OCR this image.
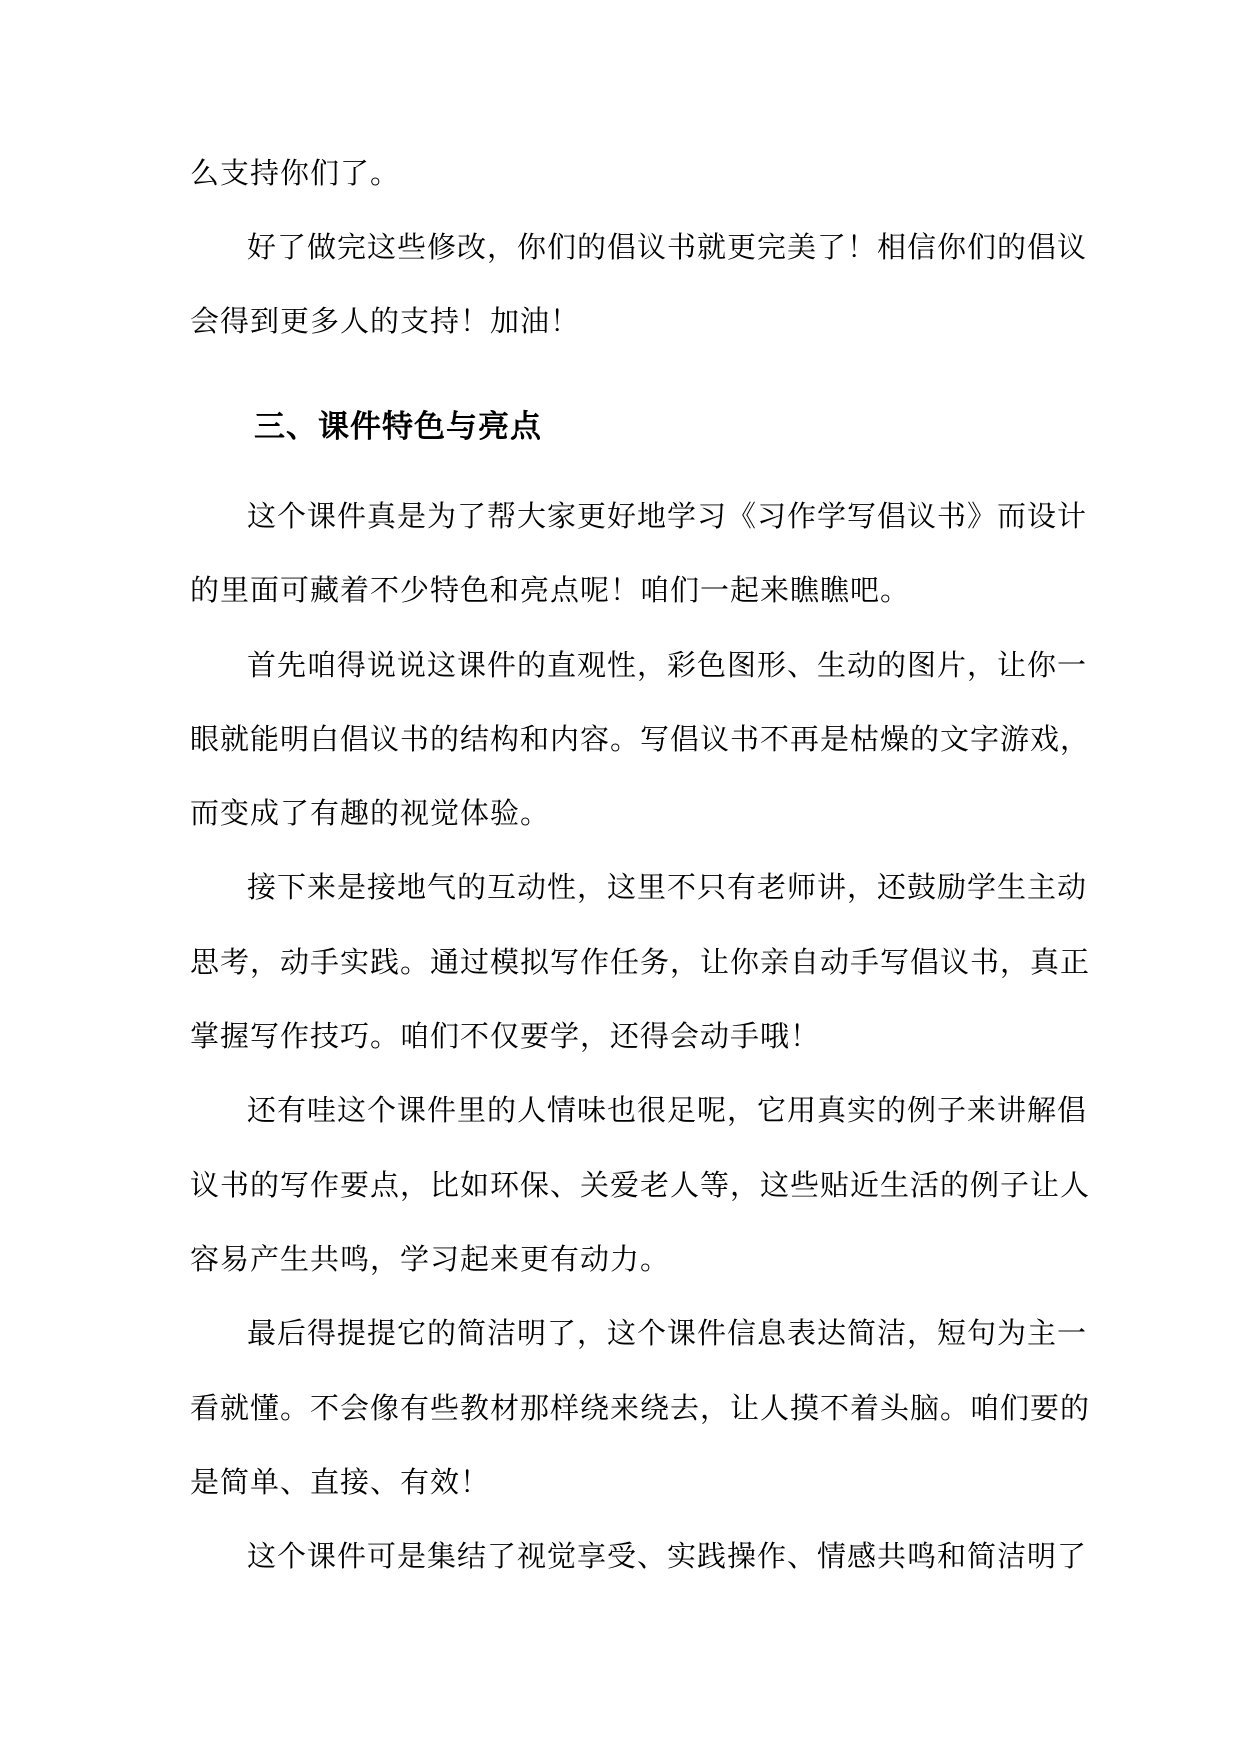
么支持你们了。
好了做完这些修改，你们的倡议书就更完美了！相信你们的倡议
会得到更多人的支持！加油！
三、课件特色与亮点
这个课件真是为了帮大家更好地学习《习作学写倡议书》而设计
的里面可藏着不少特色和亮点呢！咱们一起来瞧瞧吧。
首先咱得说说这课件的直观性，彩色图形、生动的图片，让你一
眼就能明白倡议书的结构和内容。写倡议书不再是枯燥的文字游戏，
而变成了有趣的视觉体验。
接下来是接地气的互动性，这里不只有老师讲，还鼓励学生主动
思考，动手实践。通过模拟写作任务，让你亲自动手写倡议书，真正
掌握写作技巧。咱们不仅要学，还得会动手哦！
还有哇这个课件里的人情味也很足呢，它用真实的例子来讲解倡
议书的写作要点，比如环保、关爱老人等，这些贴近生活的例子让人
容易产生共鸣，学习起来更有动力。
最后得提提它的简洁明了，这个课件信息表达简洁，短句为主一
看就懂。不会像有些教材那样绕来绕去，让人摸不着头脑。咱们要的
是简单、直接、有效！
这个课件可是集结了视觉享受、实践操作、情感共鸣和简洁明了
